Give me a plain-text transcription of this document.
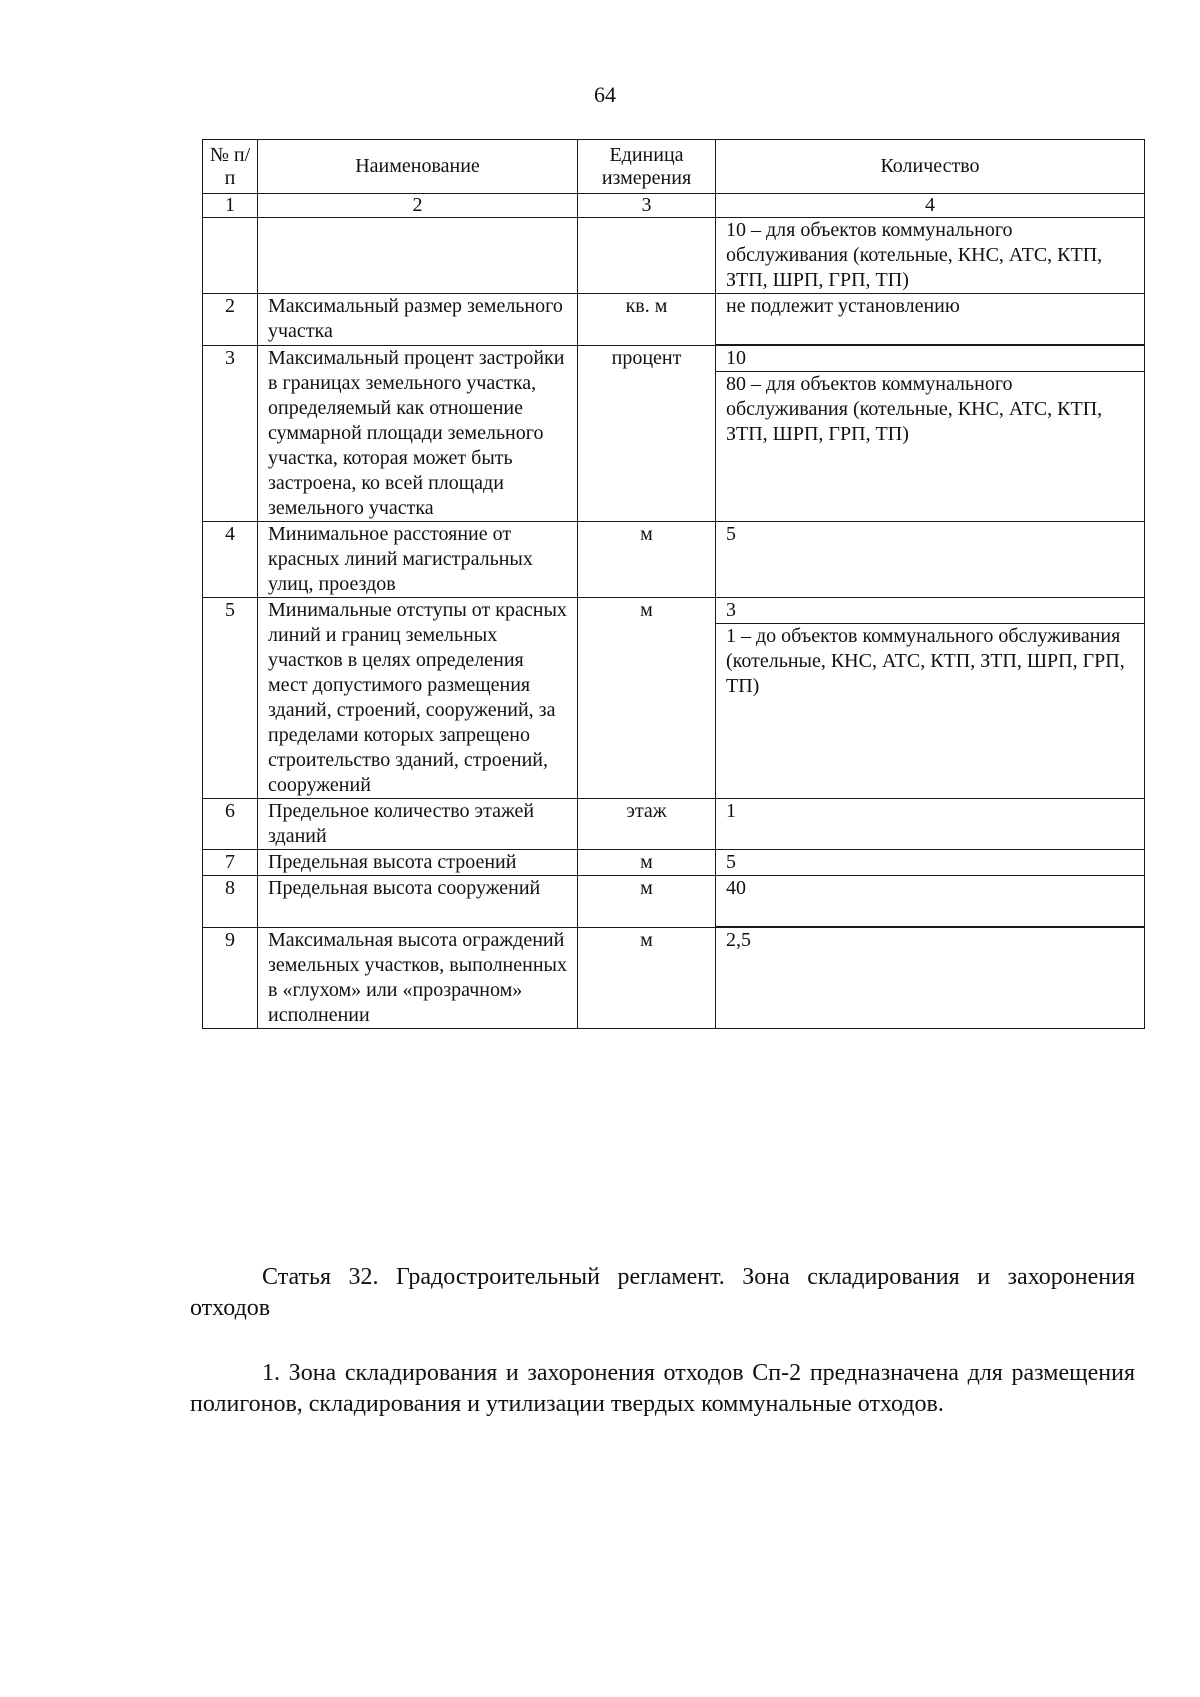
64
№ п/п	Наименование	Единица измерения	Количество
1	2	3	4

			10 – для объектов коммунального обслуживания (котельные, КНС, АТС, КТП, ЗТП, ШРП, ГРП, ТП)

2	Максимальный размер земельного участка	кв. м	не подлежит установлению

3	Максимальный процент застройки в границах земельного участка, определяемый как отношение суммарной площади земельного участка, которая может быть застроена, ко всей площади земельного участка	процент	10
80 – для объектов коммунального обслуживания (котельные, КНС, АТС, КТП, ЗТП, ШРП, ГРП, ТП)

4	Минимальное расстояние от красных линий магистральных улиц, проездов	м	5

5	Минимальные отступы от красных линий и границ земельных участков в целях определения мест допустимого размещения зданий, строений, сооружений, за пределами которых запрещено строительство зданий, строений, сооружений	м	3
1 – до объектов коммунального обслуживания (котельные, КНС, АТС, КТП, ЗТП, ШРП, ГРП, ТП)

6	Предельное количество этажей зданий	этаж	1

7	Предельная высота строений	м	5

8	Предельная высота сооружений	м	40

9	Максимальная высота ограждений земельных участков, выполненных в «глухом» или «прозрачном» исполнении	м	2,5
Статья 32. Градостроительный регламент. Зона складирования и захоронения отходов
1. Зона складирования и захоронения отходов Сп-2 предназначена для размещения полигонов, складирования и утилизации твердых коммунальные отходов.
